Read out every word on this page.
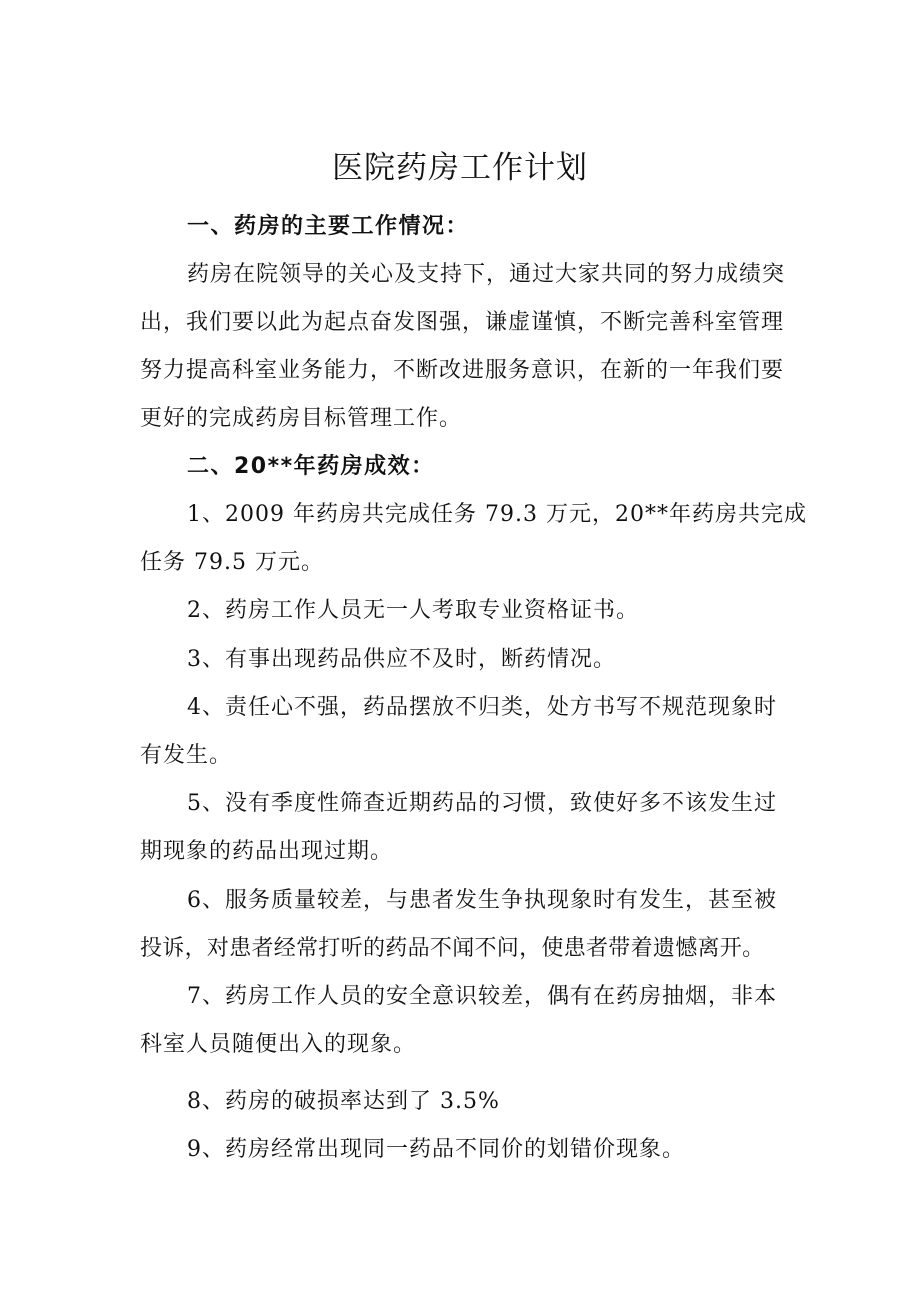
医院药房工作计划
一、药房的主要工作情况：
药房在院领导的关心及支持下，通过大家共同的努力成绩突
出，我们要以此为起点奋发图强，谦虚谨慎，不断完善科室管理
努力提高科室业务能力，不断改进服务意识，在新的一年我们要
更好的完成药房目标管理工作。
二、20**年药房成效：
1、2009 年药房共完成任务 79.3 万元，20**年药房共完成
任务 79.5 万元。
2、药房工作人员无一人考取专业资格证书。
3、有事出现药品供应不及时，断药情况。
4、责任心不强，药品摆放不归类，处方书写不规范现象时
有发生。
5、没有季度性筛查近期药品的习惯，致使好多不该发生过
期现象的药品出现过期。
6、服务质量较差，与患者发生争执现象时有发生，甚至被
投诉，对患者经常打听的药品不闻不问，使患者带着遗憾离开。
7、药房工作人员的安全意识较差，偶有在药房抽烟，非本
科室人员随便出入的现象。
8、药房的破损率达到了 3.5%
9、药房经常出现同一药品不同价的划错价现象。
